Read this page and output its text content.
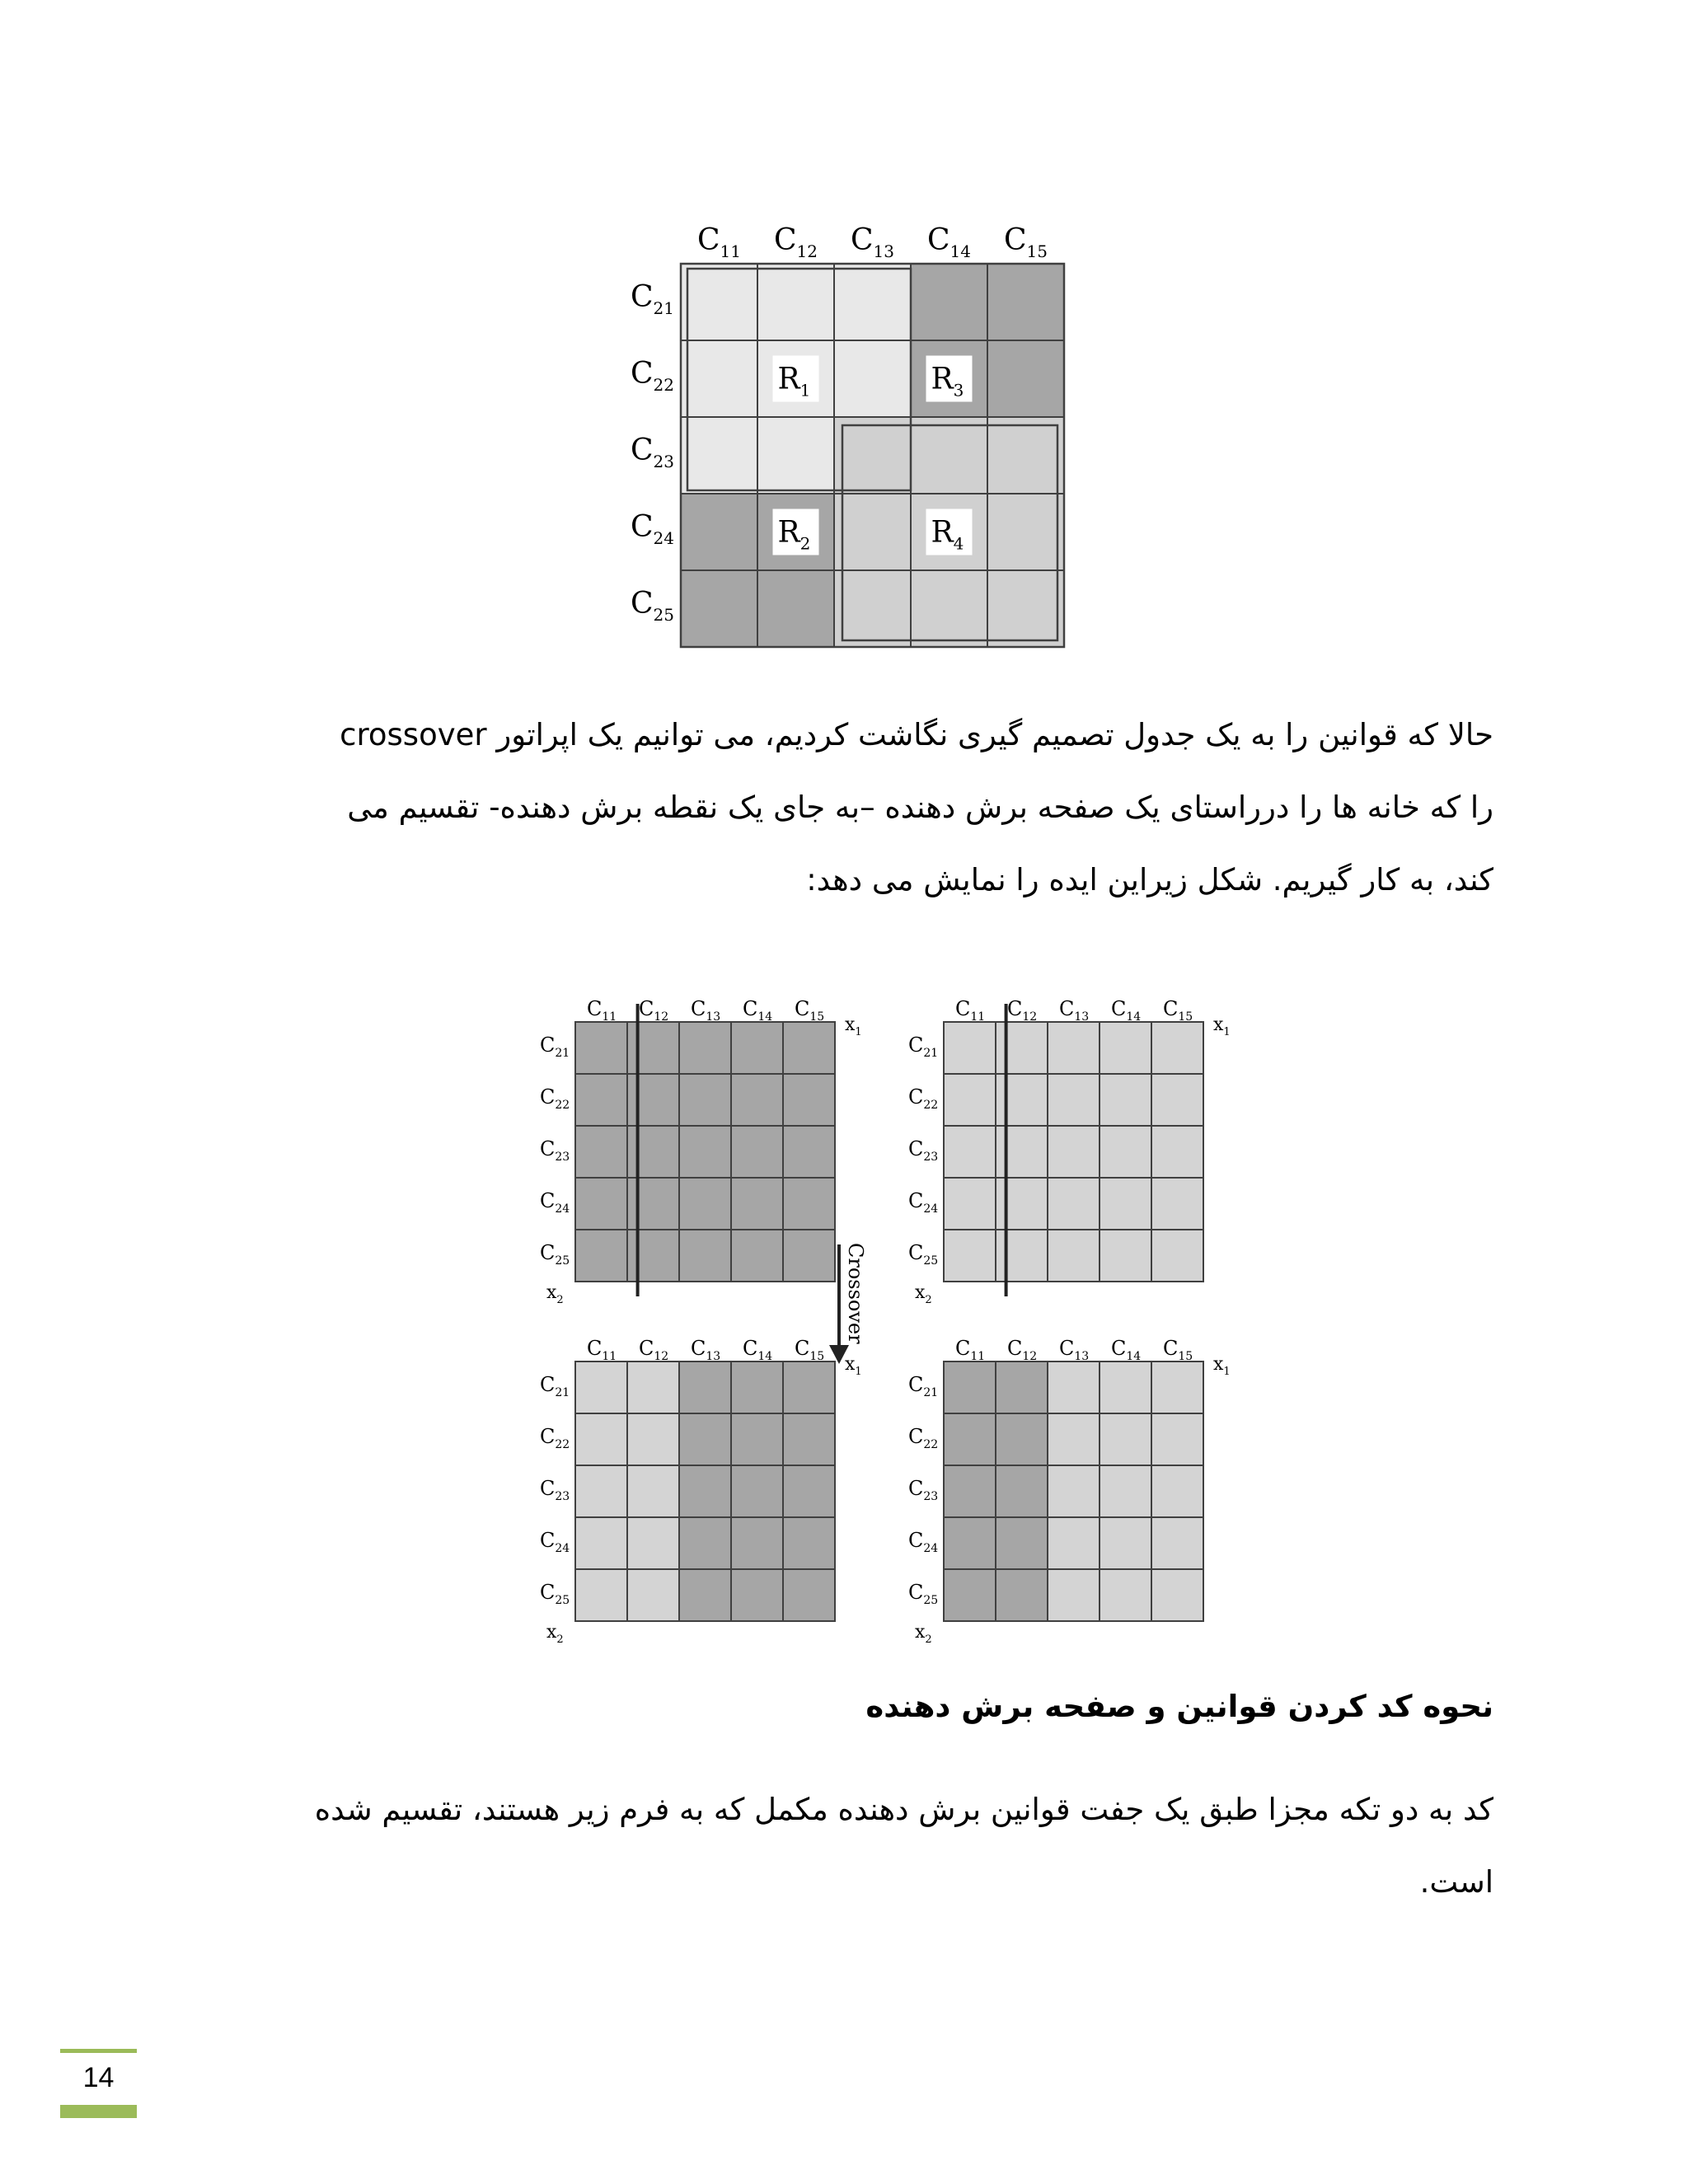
$R_1$
$R_2$
$R_3$
$R_4$
$C_{11}$ $C_{12}$ $C_{13}$ $C_{14}$ $C_{15}$
$C_{21}$
$C_{22}$
$C_{23}$
$C_{24}$
$C_{25}$
حالا که قوانین را به یک جدول تصمیم گیری نگاشت کردیم، می توانیم یک اپراتور crossover
را که خانه ها را درراستای یک صفحه برش دهنده –به جای یک نقطه برش دهنده- تقسیم می
کند، به کار گیریم. شکل زیراین ایده را نمایش می دهد:
$C_{11}$ $C_{12}$ $C_{13}$ $C_{14}$ $C_{15}$
$C_{21}$
$C_{22}$
$C_{23}$
$C_{24}$
$C_{25}$
$x_1$
$x_2$
$C_{11}$ $C_{12}$ $C_{13}$ $C_{14}$ $C_{15}$
$C_{21}$
$C_{22}$
$C_{23}$
$C_{24}$
$C_{25}$
$x_1$
$x_2$
$C_{11}$ $C_{12}$ $C_{13}$ $C_{14}$ $C_{15}$
$C_{21}$
$C_{22}$
$C_{23}$
$C_{24}$
$C_{25}$
$x_1$
$x_2$
$C_{11}$ $C_{12}$ $C_{13}$ $C_{14}$ $C_{15}$
$C_{21}$
$C_{22}$
$C_{23}$
$C_{24}$
$C_{25}$
$x_1$
$x_2$
Crossover
نحوه کد کردن قوانین و صفحه برش دهنده
کد به دو تکه مجزا طبق یک جفت قوانین برش دهنده مکمل که به فرم زیر هستند، تقسیم شده
است.
14
